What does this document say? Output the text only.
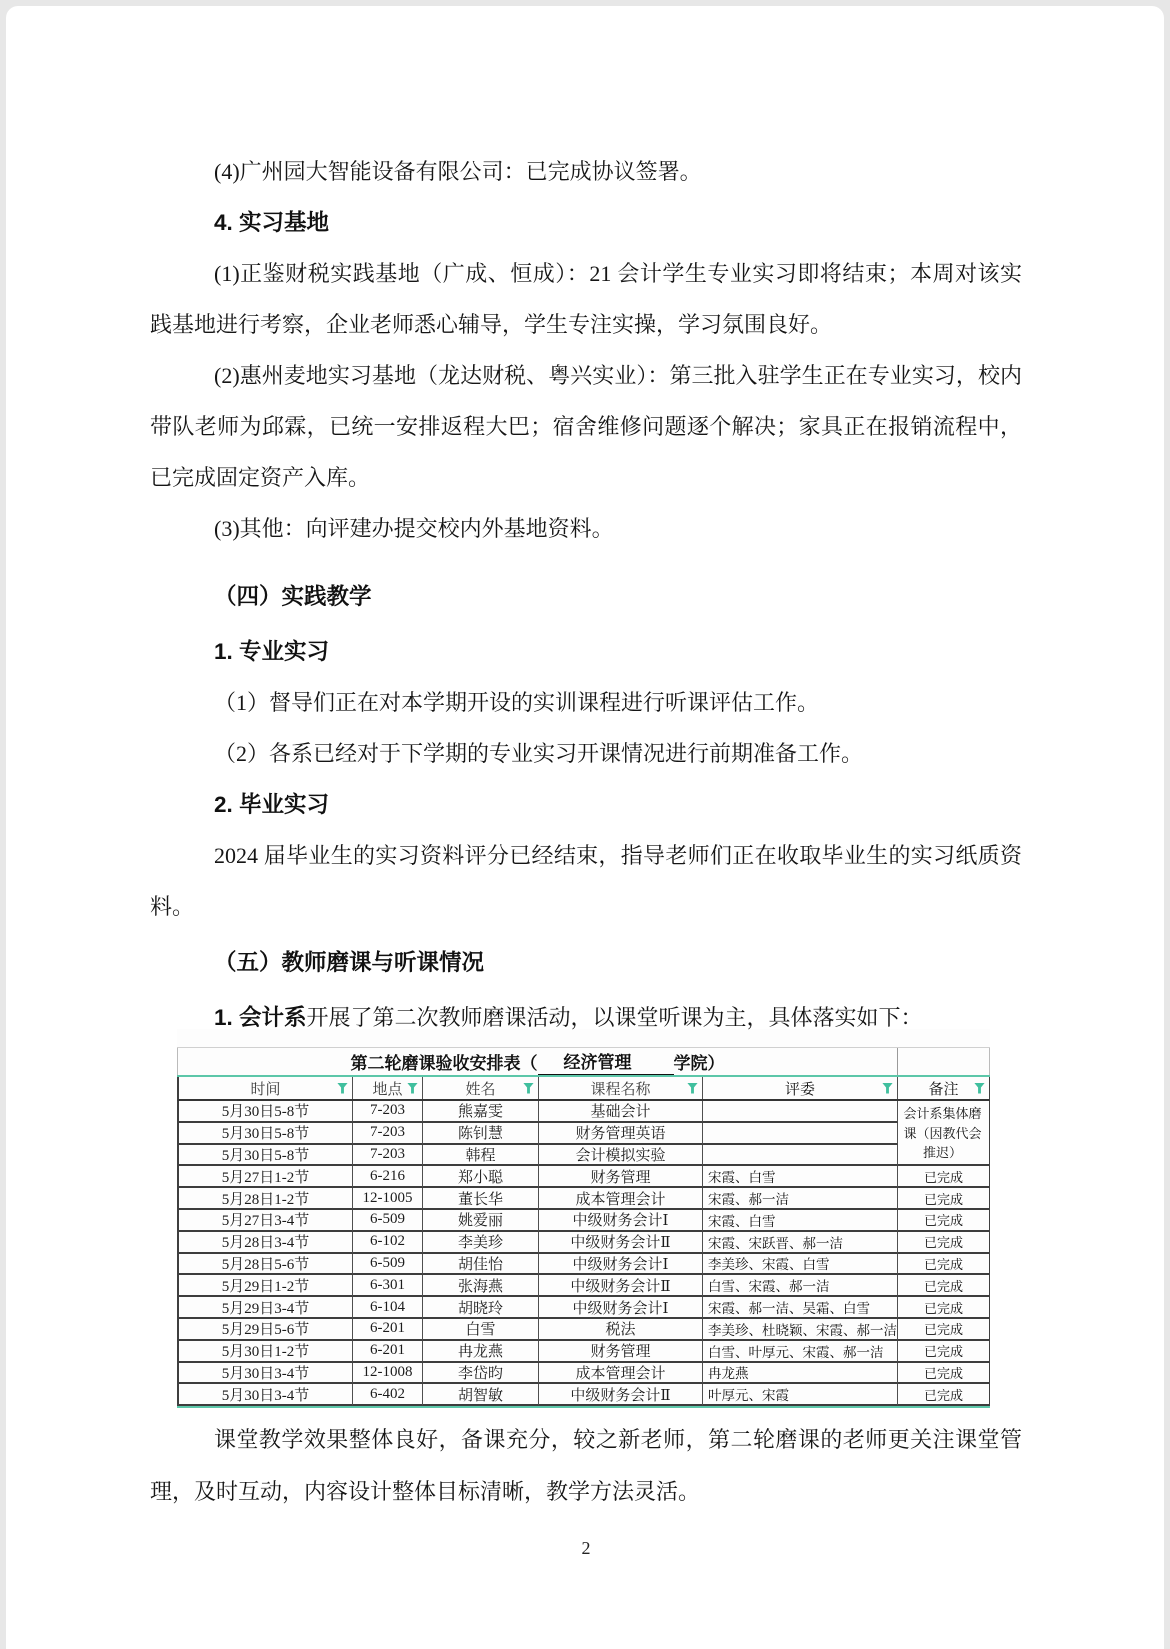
(4)广州园大智能设备有限公司：已完成协议签署。

4. 实习基地

(1)正鉴财税实践基地（广成、恒成）：21 会计学生专业实习即将结束；本周对该实践基地进行考察，企业老师悉心辅导，学生专注实操，学习氛围良好。

(2)惠州麦地实习基地（龙达财税、粤兴实业）：第三批入驻学生正在专业实习，校内带队老师为邱霖，已统一安排返程大巴；宿舍维修问题逐个解决；家具正在报销流程中，已完成固定资产入库。

(3)其他：向评建办提交校内外基地资料。

（四）实践教学

1. 专业实习

（1）督导们正在对本学期开设的实训课程进行听课评估工作。

（2）各系已经对于下学期的专业实习开课情况进行前期准备工作。

2. 毕业实习

2024 届毕业生的实习资料评分已经结束，指导老师们正在收取毕业生的实习纸质资料。

（五）教师磨课与听课情况

1. 会计系开展了第二次教师磨课活动，以课堂听课为主，具体落实如下：

第二轮磨课验收安排表（	经济管理	学院）
时间	地点	姓名	课程名称	评委	备注
会计系集体磨课（因教代会推迟）
5月30日5-8节	7-203	熊嘉雯	基础会计
5月30日5-8节	7-203	陈钊慧	财务管理英语
5月30日5-8节	7-203	韩程	会计模拟实验
5月27日1-2节	6-216	郑小聪	财务管理	宋霞、白雪	已完成
5月28日1-2节	12-1005	董长华	成本管理会计	宋霞、郝一洁	已完成
5月27日3-4节	6-509	姚爱丽	中级财务会计Ⅰ	宋霞、白雪	已完成
5月28日3-4节	6-102	李美珍	中级财务会计Ⅱ	宋霞、宋跃晋、郝一洁	已完成
5月28日5-6节	6-509	胡佳怡	中级财务会计Ⅰ	李美珍、宋霞、白雪	已完成
5月29日1-2节	6-301	张海燕	中级财务会计Ⅱ	白雪、宋霞、郝一洁	已完成
5月29日3-4节	6-104	胡晓玲	中级财务会计Ⅰ	宋霞、郝一洁、吴霜、白雪	已完成
5月29日5-6节	6-201	白雪	税法	李美珍、杜晓颖、宋霞、郝一洁	已完成
5月30日1-2节	6-201	冉龙燕	财务管理	白雪、叶厚元、宋霞、郝一洁	已完成
5月30日3-4节	12-1008	李岱昀	成本管理会计	冉龙燕	已完成
5月30日3-4节	6-402	胡智敏	中级财务会计Ⅱ	叶厚元、宋霞	已完成

课堂教学效果整体良好，备课充分，较之新老师，第二轮磨课的老师更关注课堂管理，及时互动，内容设计整体目标清晰，教学方法灵活。

2
